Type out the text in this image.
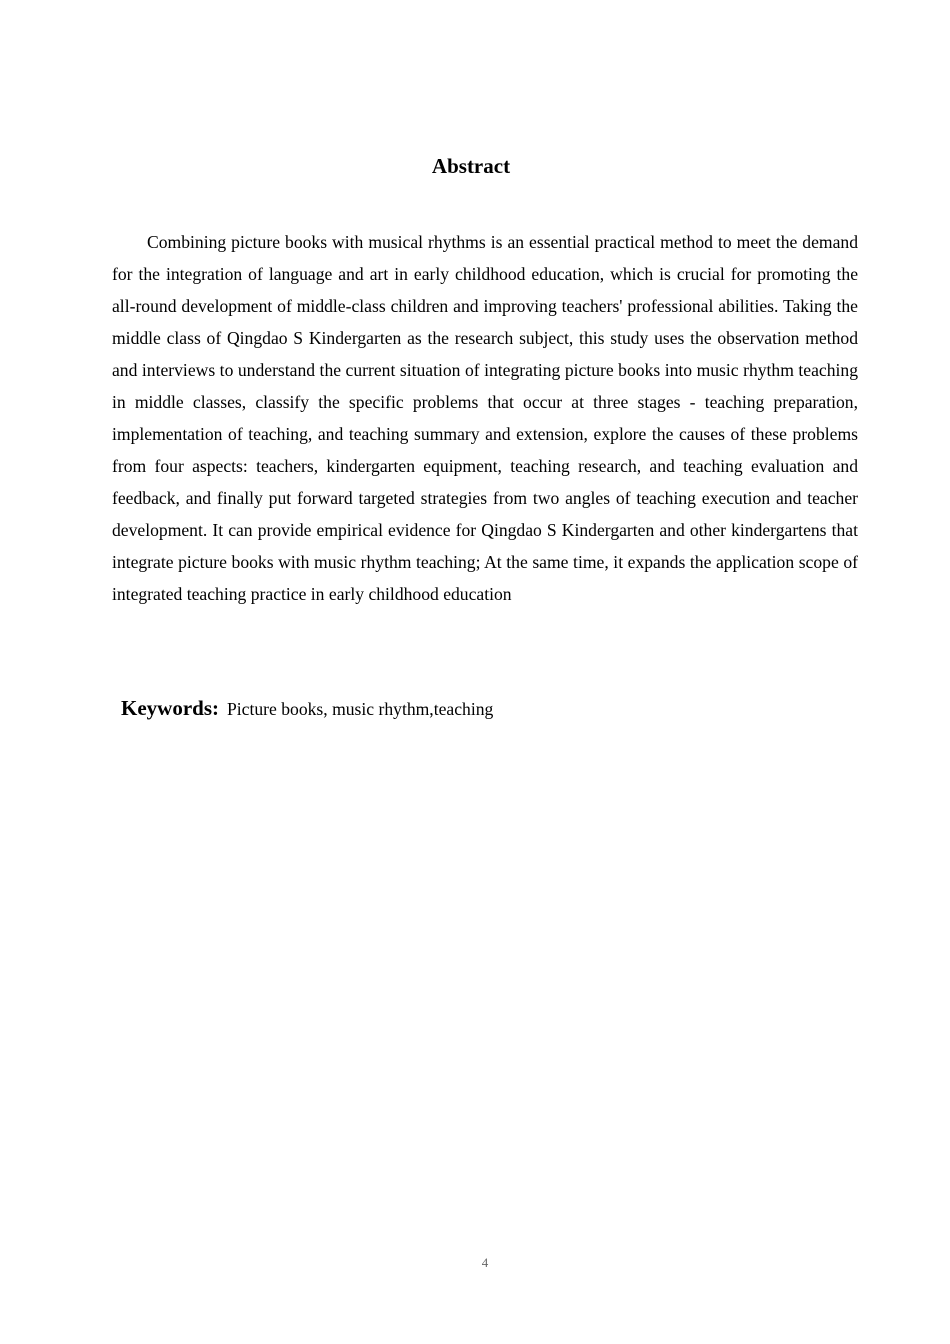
Abstract

Combining picture books with musical rhythms is an essential practical method to meet the demand for the integration of language and art in early childhood education, which is crucial for promoting the all-round development of middle-class children and improving teachers' professional abilities. Taking the middle class of Qingdao S Kindergarten as the research subject, this study uses the observation method and interviews to understand the current situation of integrating picture books into music rhythm teaching in middle classes, classify the specific problems that occur at three stages - teaching preparation, implementation of teaching, and teaching summary and extension, explore the causes of these problems from four aspects: teachers, kindergarten equipment, teaching research, and teaching evaluation and feedback, and finally put forward targeted strategies from two angles of teaching execution and teacher development. It can provide empirical evidence for Qingdao S Kindergarten and other kindergartens that integrate picture books with music rhythm teaching; At the same time, it expands the application scope of integrated teaching practice in early childhood education

Keywords: Picture books, music rhythm,teaching

4
